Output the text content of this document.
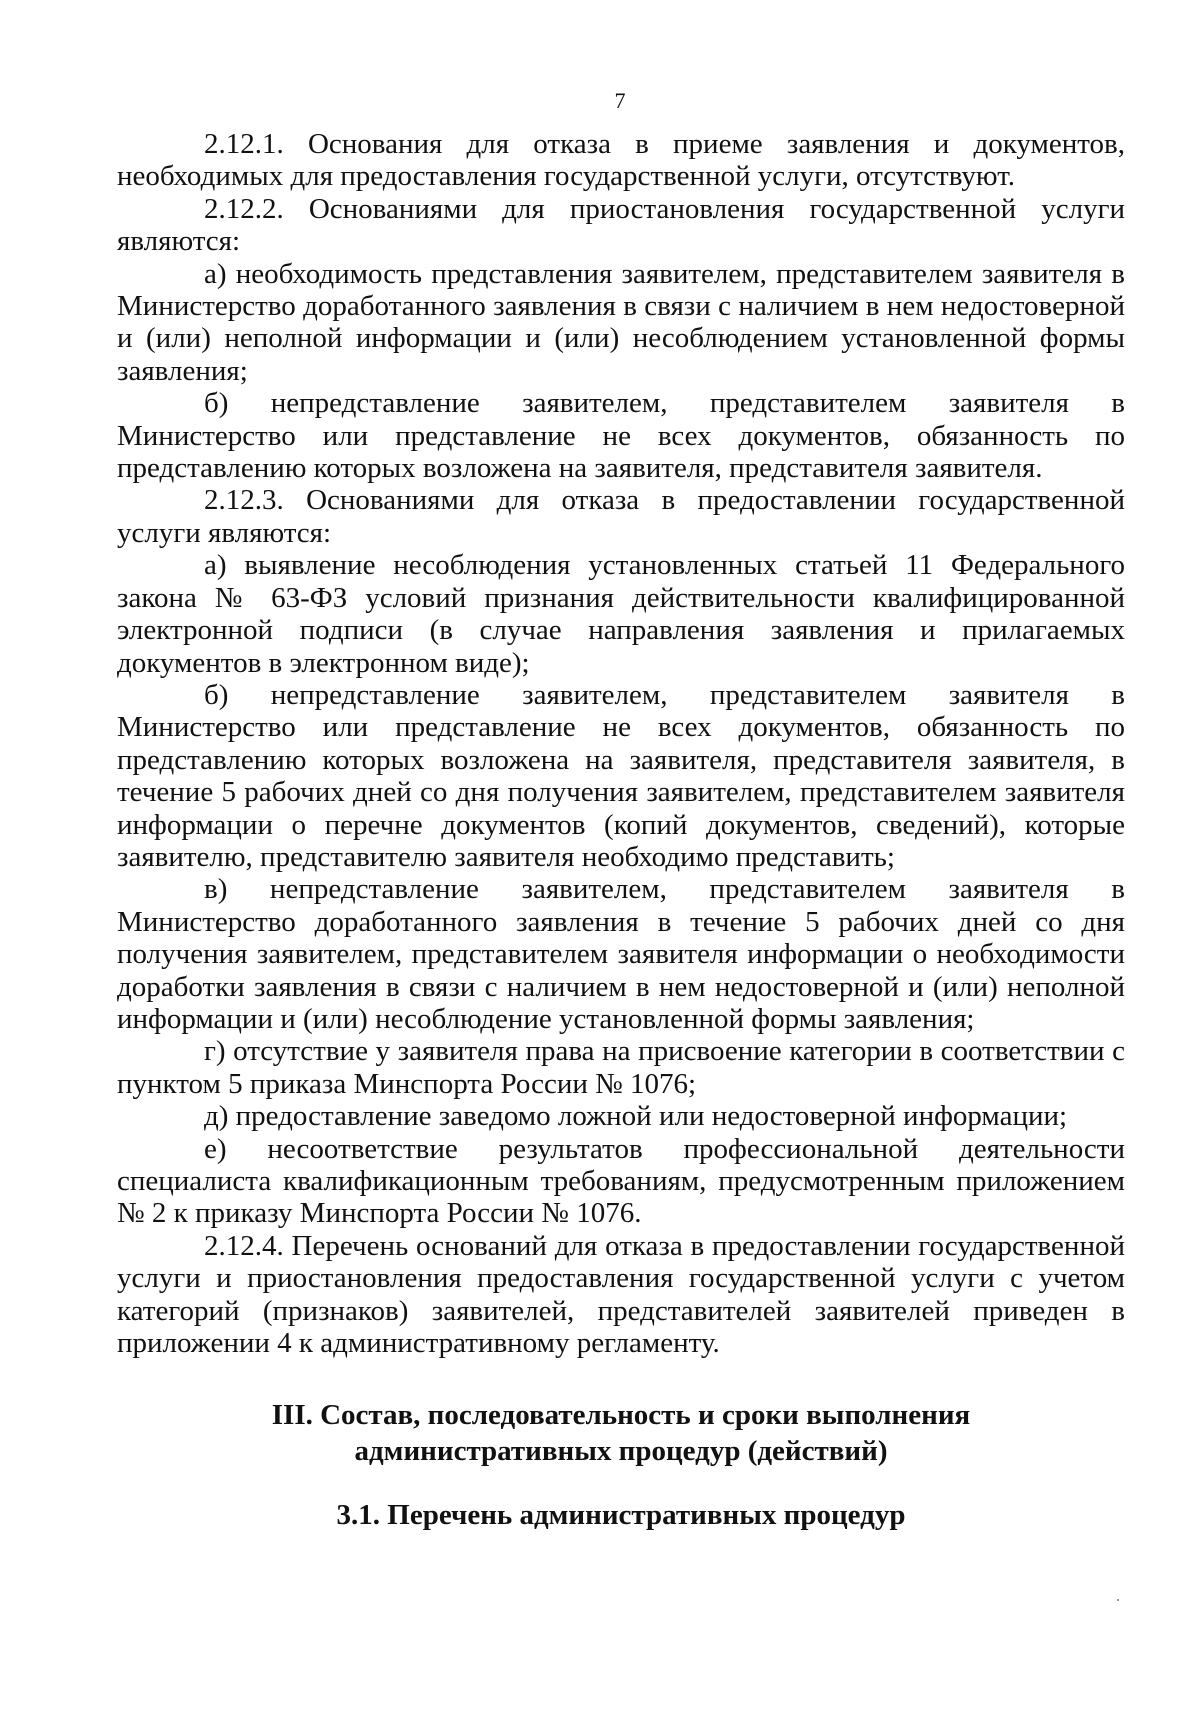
7

2.12.1. Основания для отказа в приеме заявления и документов, необходимых для предоставления государственной услуги, отсутствуют.

2.12.2. Основаниями для приостановления государственной услуги являются:

а) необходимость представления заявителем, представителем заявителя в Министерство доработанного заявления в связи с наличием в нем недостоверной и (или) неполной информации и (или) несоблюдением установленной формы заявления;

б) непредставление заявителем, представителем заявителя в Министерство или представление не всех документов, обязанность по представлению которых возложена на заявителя, представителя заявителя.

2.12.3. Основаниями для отказа в предоставлении государственной услуги являются:

а) выявление несоблюдения установленных статьей 11 Федерального закона № 63-ФЗ условий признания действительности квалифицированной электронной подписи (в случае направления заявления и прилагаемых документов в электронном виде);

б) непредставление заявителем, представителем заявителя в Министерство или представление не всех документов, обязанность по представлению которых возложена на заявителя, представителя заявителя, в течение 5 рабочих дней со дня получения заявителем, представителем заявителя информации о перечне документов (копий документов, сведений), которые заявителю, представителю заявителя необходимо представить;

в) непредставление заявителем, представителем заявителя в Министерство доработанного заявления в течение 5 рабочих дней со дня получения заявителем, представителем заявителя информации о необходимости доработки заявления в связи с наличием в нем недостоверной и (или) неполной информации и (или) несоблюдение установленной формы заявления;

г) отсутствие у заявителя права на присвоение категории в соответствии с пунктом 5 приказа Минспорта России № 1076;

д) предоставление заведомо ложной или недостоверной информации;

е) несоответствие результатов профессиональной деятельности специалиста квалификационным требованиям, предусмотренным приложением № 2 к приказу Минспорта России № 1076.

2.12.4. Перечень оснований для отказа в предоставлении государственной услуги и приостановления предоставления государственной услуги с учетом категорий (признаков) заявителей, представителей заявителей приведен в приложении 4 к административному регламенту.

III. Состав, последовательность и сроки выполнения
административных процедур (действий)
3.1. Перечень административных процедур
